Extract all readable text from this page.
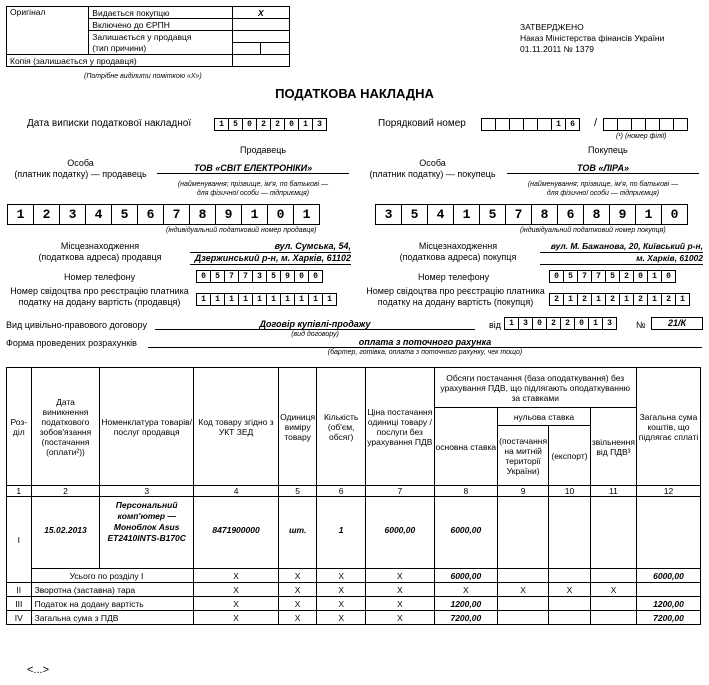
Оригінал	Видається покупцю	X	
	Включено до ЄРПН		
	Залишається у продавця		
	(тип причини)		
Копія (залишається у продавця)			
(Потрібне виділити поміткою «X»)
ЗАТВЕРДЖЕНО
Наказ Міністерства фінансів України
01.11.2011 № 1379
ПОДАТКОВА НАКЛАДНА
Дата виписки податкової накладної	1	5	0	2	2	0	1	3	Порядковий номер	1	6	/
(¹) (номер філії)
Продавець	Покупець
Особа
(платник податку) — продавець
ТОВ «СВІТ ЕЛЕКТРОНІКИ»
(найменування; прізвище, ім'я, по батькові —
для фізичної особи — підприємця)
Особа
(платник податку) — покупець
ТОВ «ЛІРА»
(найменування; прізвище, ім'я, по батькові —
для фізичної особи — підприємця)
1	2	3	4	5	6	7	8	9	1	0	1
(індивідуальний податковий номер продавця)
3	5	4	1	5	7	8	6	8	9	1	0
(індивідуальний податковий номер покупця)
Місцезнаходження
(податкова адреса) продавця
вул. Сумська, 54,
Дзержинський р-н, м. Харків, 61102
Місцезнаходження
(податкова адреса) покупця
вул. М. Бажанова, 20, Київський р-н,
м. Харків, 61002
Номер телефону	0	5	7	7	3	5	9	0	0	Номер телефону	0	5	7	7	5	2	0	1	0
Номер свідоцтва про реєстрацію платника
податку на додану вартість (продавця)	1	1	1	1	1	1	1	1	1	1
Номер свідоцтва про реєстрацію платника
податку на додану вартість (покупця)	2	1	2	1	2	1	2	1	2	1
Вид цивільно-правового договору	Договір купівлі-продажу
(вид договору)
від	1	3	0	2	2	0	1	3	№	21/К
Форма проведених розрахунків	оплата з поточного рахунка
(бартер, готівка, оплата з поточного рахунку, чек тощо)
Роз-діл	Дата виникнення податкового зобов'язання (постачання (оплати²))	Номенклатура товарів/послуг продавця	Код товару згідно з УКТ ЗЕД	Одиниця виміру товару	Кількість (об'єм, обсяг)	Ціна постачання одиниці товару / послуги без урахування ПДВ	Обсяги постачання (база оподаткування) без урахування ПДВ, що підлягають оподаткуванню за ставками				Загальна сума коштів, що підлягає сплаті
							основна ставка	нульова ставка		звільнення від ПДВ³	
								(постачання на митній території України)	(експорт)		
1	2	3	4	5	6	7	8	9	10	11	12
I	15.02.2013	Персональний комп'ютер — Моноблок Asus ET2410INTS-B170C	8471900000	шт.	1	6000,00	6000,00				
	Усього по розділу I		X	X	X	X	6000,00				6000,00
II	Зворотна (заставна) тара		X	X	X	X	X	X	X	X	
III	Податок на додану вартість		X	X	X	X	1200,00				1200,00
IV	Загальна сума з ПДВ		X	X	X	X	7200,00				7200,00
<...>
